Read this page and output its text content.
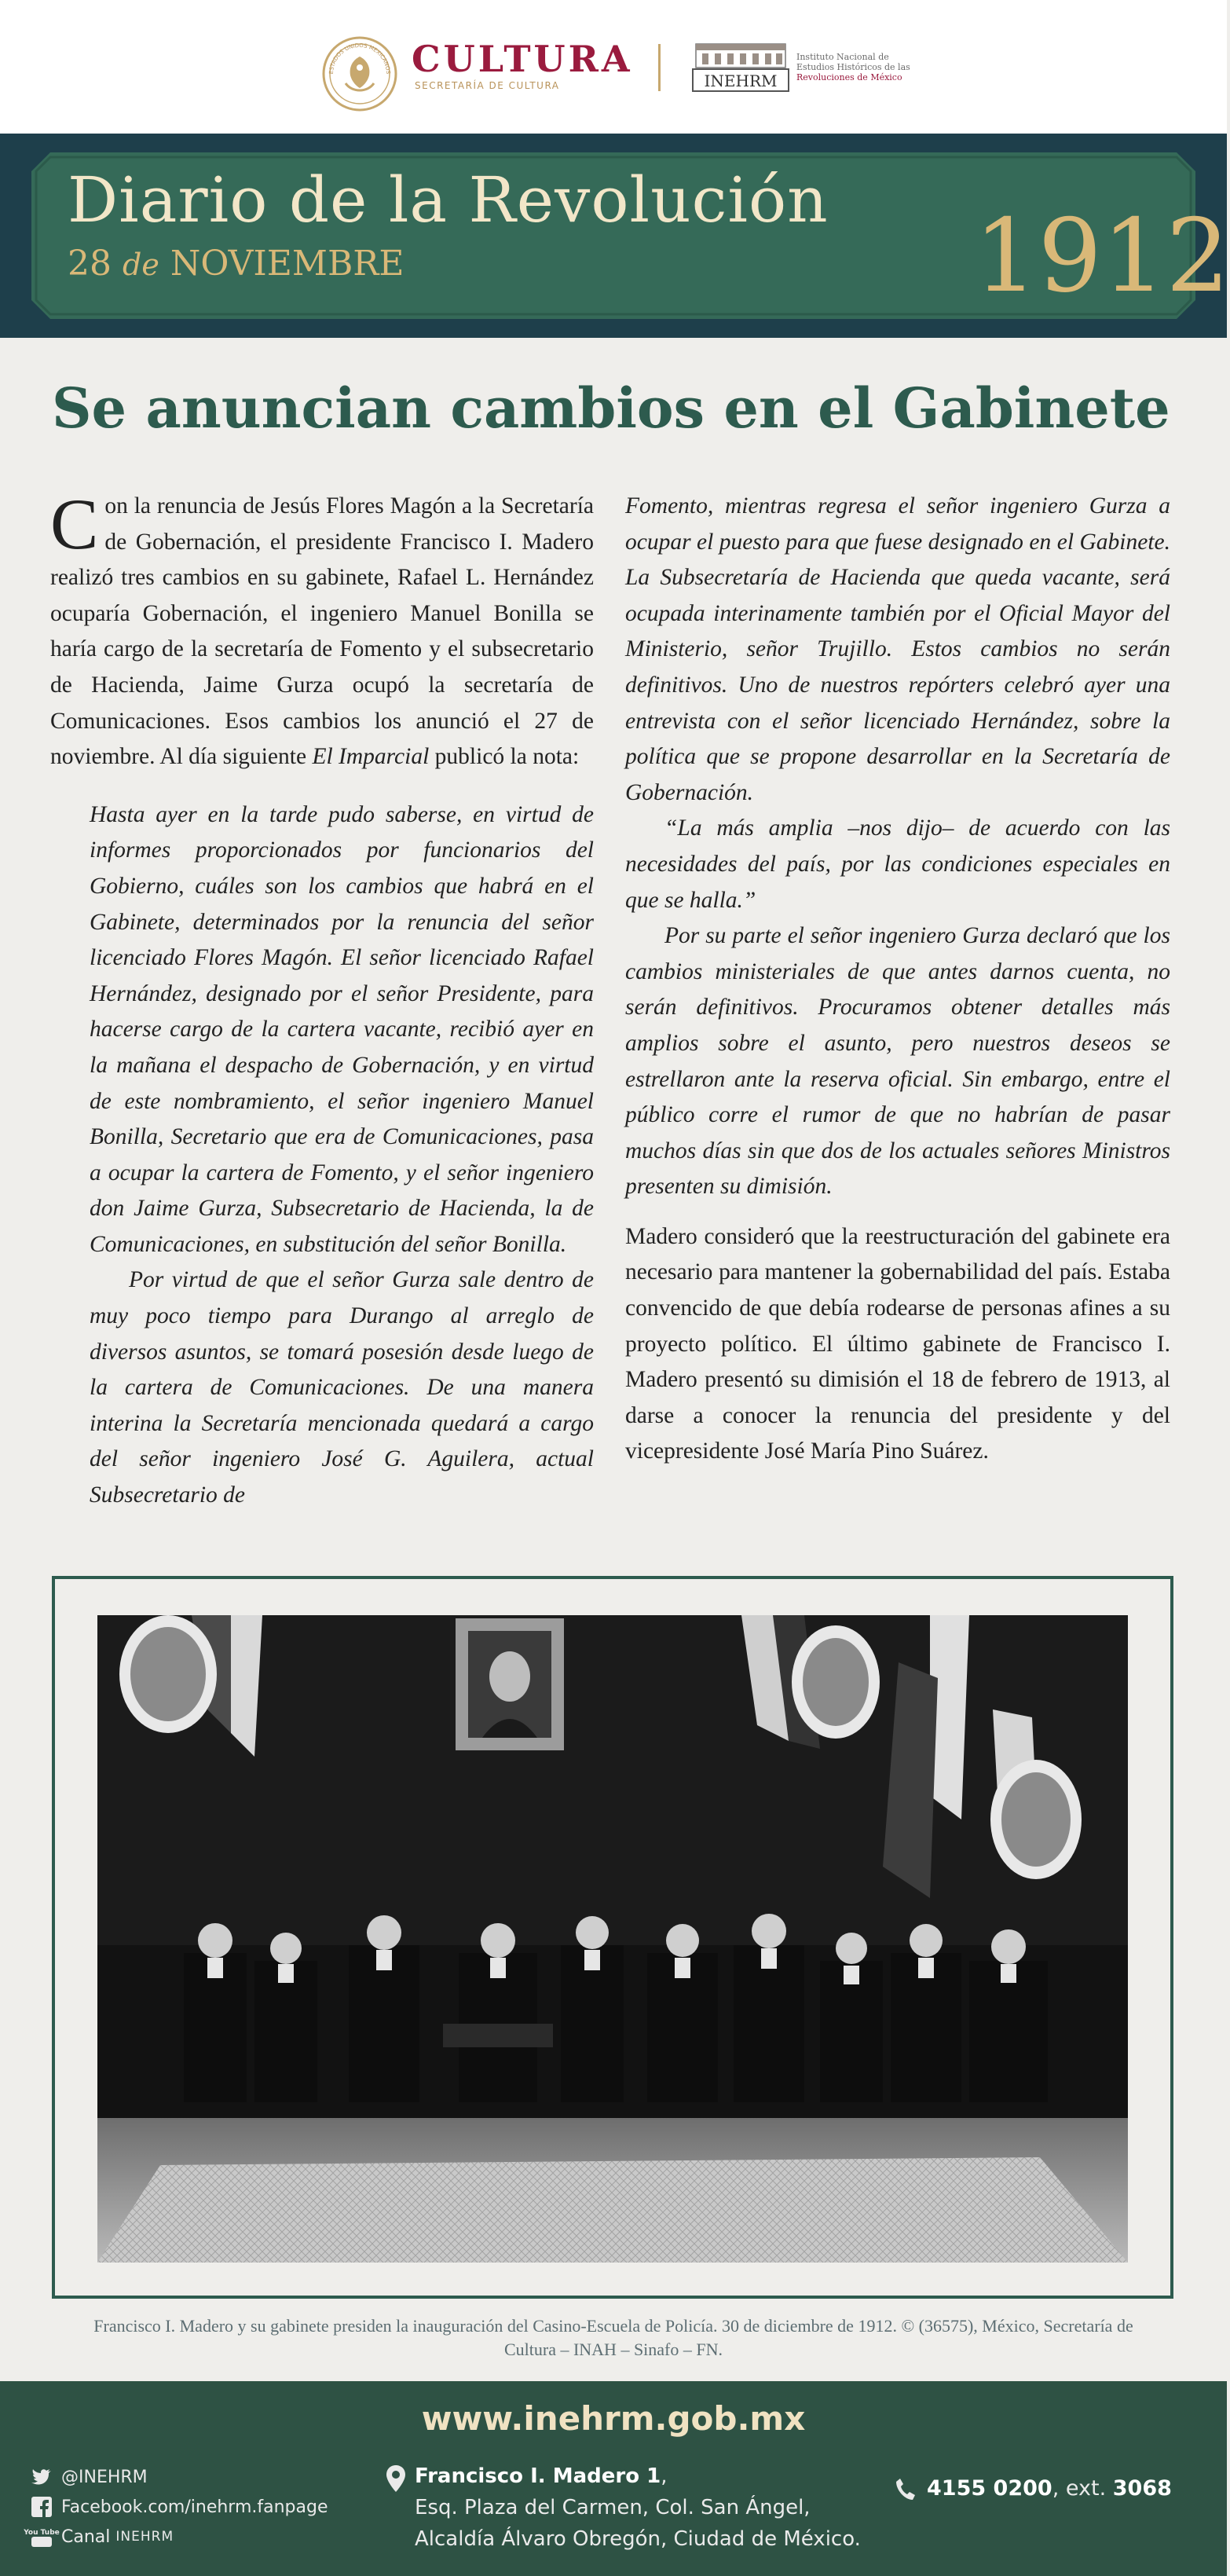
ESTADOS UNIDOS MEXICANOS CULTURA
SECRETARÍA DE CULTURA	INEHRM
Instituto Nacional de
Estudios Históricos de las
Revoluciones de México
Diario de la Revolución
28 de NOVIEMBRE	1912
Se anuncian cambios en el Gabinete

Con la renuncia de Jesús Flores Magón a la Secretaría de Gobernación, el presidente Francisco I. Madero realizó tres cambios en su gabinete, Rafael L. Hernández ocuparía Gobernación, el ingeniero Manuel Bonilla se haría cargo de la secretaría de Fomento y el subsecretario de Hacienda, Jaime Gurza ocupó la secretaría de Comunicaciones. Esos cambios los anunció el 27 de noviembre. Al día siguiente El Imparcial publicó la nota:

Hasta ayer en la tarde pudo saberse, en virtud de informes proporcionados por funcionarios del Gobierno, cuáles son los cambios que habrá en el Gabinete, determinados por la renuncia del señor licenciado Flores Magón. El señor licenciado Rafael Hernández, designado por el señor Presidente, para hacerse cargo de la cartera vacante, recibió ayer en la mañana el despacho de Gobernación, y en virtud de este nombramiento, el señor ingeniero Manuel Bonilla, Secretario que era de Comunicaciones, pasa a ocupar la cartera de Fomento, y el señor ingeniero don Jaime Gurza, Subsecretario de Hacienda, la de Comunicaciones, en substitución del señor Bonilla.

Por virtud de que el señor Gurza sale dentro de muy poco tiempo para Durango al arreglo de diversos asuntos, se tomará posesión desde luego de la cartera de Comunicaciones. De una manera interina la Secretaría mencionada quedará a cargo del señor ingeniero José G. Aguilera, actual Subsecretario de

Fomento, mientras regresa el señor ingeniero Gurza a ocupar el puesto para que fuese designado en el Gabinete. La Subsecretaría de Hacienda que queda vacante, será ocupada interinamente también por el Oficial Mayor del Ministerio, señor Trujillo. Estos cambios no serán definitivos. Uno de nuestros repórters celebró ayer una entrevista con el señor licenciado Hernández, sobre la política que se propone desarrollar en la Secretaría de Gobernación.

“La más amplia –nos dijo– de acuerdo con las necesidades del país, por las condiciones especiales en que se halla.”

Por su parte el señor ingeniero Gurza declaró que los cambios ministeriales de que antes darnos cuenta, no serán definitivos. Procuramos obtener detalles más amplios sobre el asunto, pero nuestros deseos se estrellaron ante la reserva oficial. Sin embargo, entre el público corre el rumor de que no habrían de pasar muchos días sin que dos de los actuales señores Ministros presenten su dimisión.

Madero consideró que la reestructuración del gabinete era necesario para mantener la gobernabilidad del país. Estaba convencido de que debía rodearse de personas afines a su proyecto político. El último gabinete de Francisco I. Madero presentó su dimisión el 18 de febrero de 1913, al darse a conocer la renuncia del presidente y del vicepresidente José María Pino Suárez.

Francisco I. Madero y su gabinete presiden la inauguración del Casino-Escuela de Policía. 30 de diciembre de 1912. © (36575), México, Secretaría de Cultura – INAH – Sinafo – FN.
www.inehrm.gob.mx
@INEHRM
Facebook.com/inehrm.fanpage
You Tube Canal
INEHRM
Francisco I. Madero 1,
Esq. Plaza del Carmen, Col. San Ángel,
Alcaldía Álvaro Obregón, Ciudad de México.
4155 0200, ext. 3068
